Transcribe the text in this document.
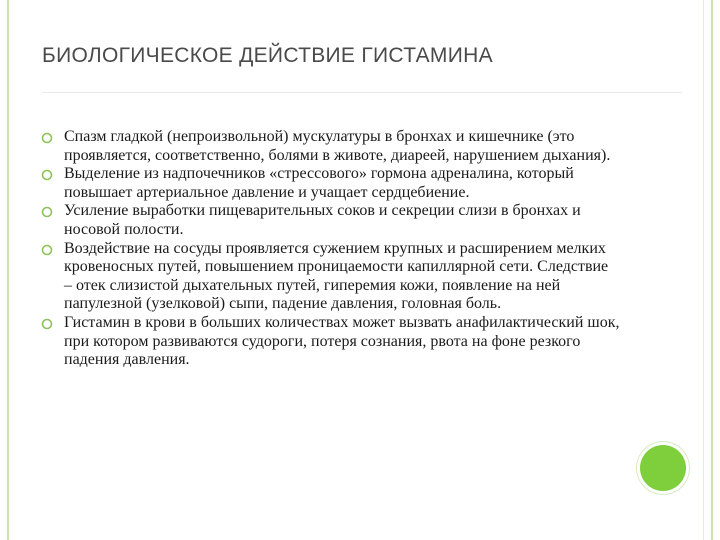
БИОЛОГИЧЕСКОЕ ДЕЙСТВИЕ ГИСТАМИНА
Спазм гладкой (непроизвольной) мускулатуры в бронхах и кишечнике (это проявляется, соответственно, болями в животе, диареей, нарушением дыхания).
Выделение из надпочечников «стрессового» гормона адреналина, который повышает артериальное давление и учащает сердцебиение.
Усиление выработки пищеварительных соков и секреции слизи в бронхах и носовой полости.
Воздействие на сосуды проявляется сужением крупных и расширением мелких кровеносных путей, повышением проницаемости капиллярной сети. Следствие – отек слизистой дыхательных путей, гиперемия кожи, появление на ней папулезной (узелковой) сыпи, падение давления, головная боль.
Гистамин в крови в больших количествах может вызвать анафилактический шок, при котором развиваются судороги, потеря сознания, рвота на фоне резкого падения давления.
